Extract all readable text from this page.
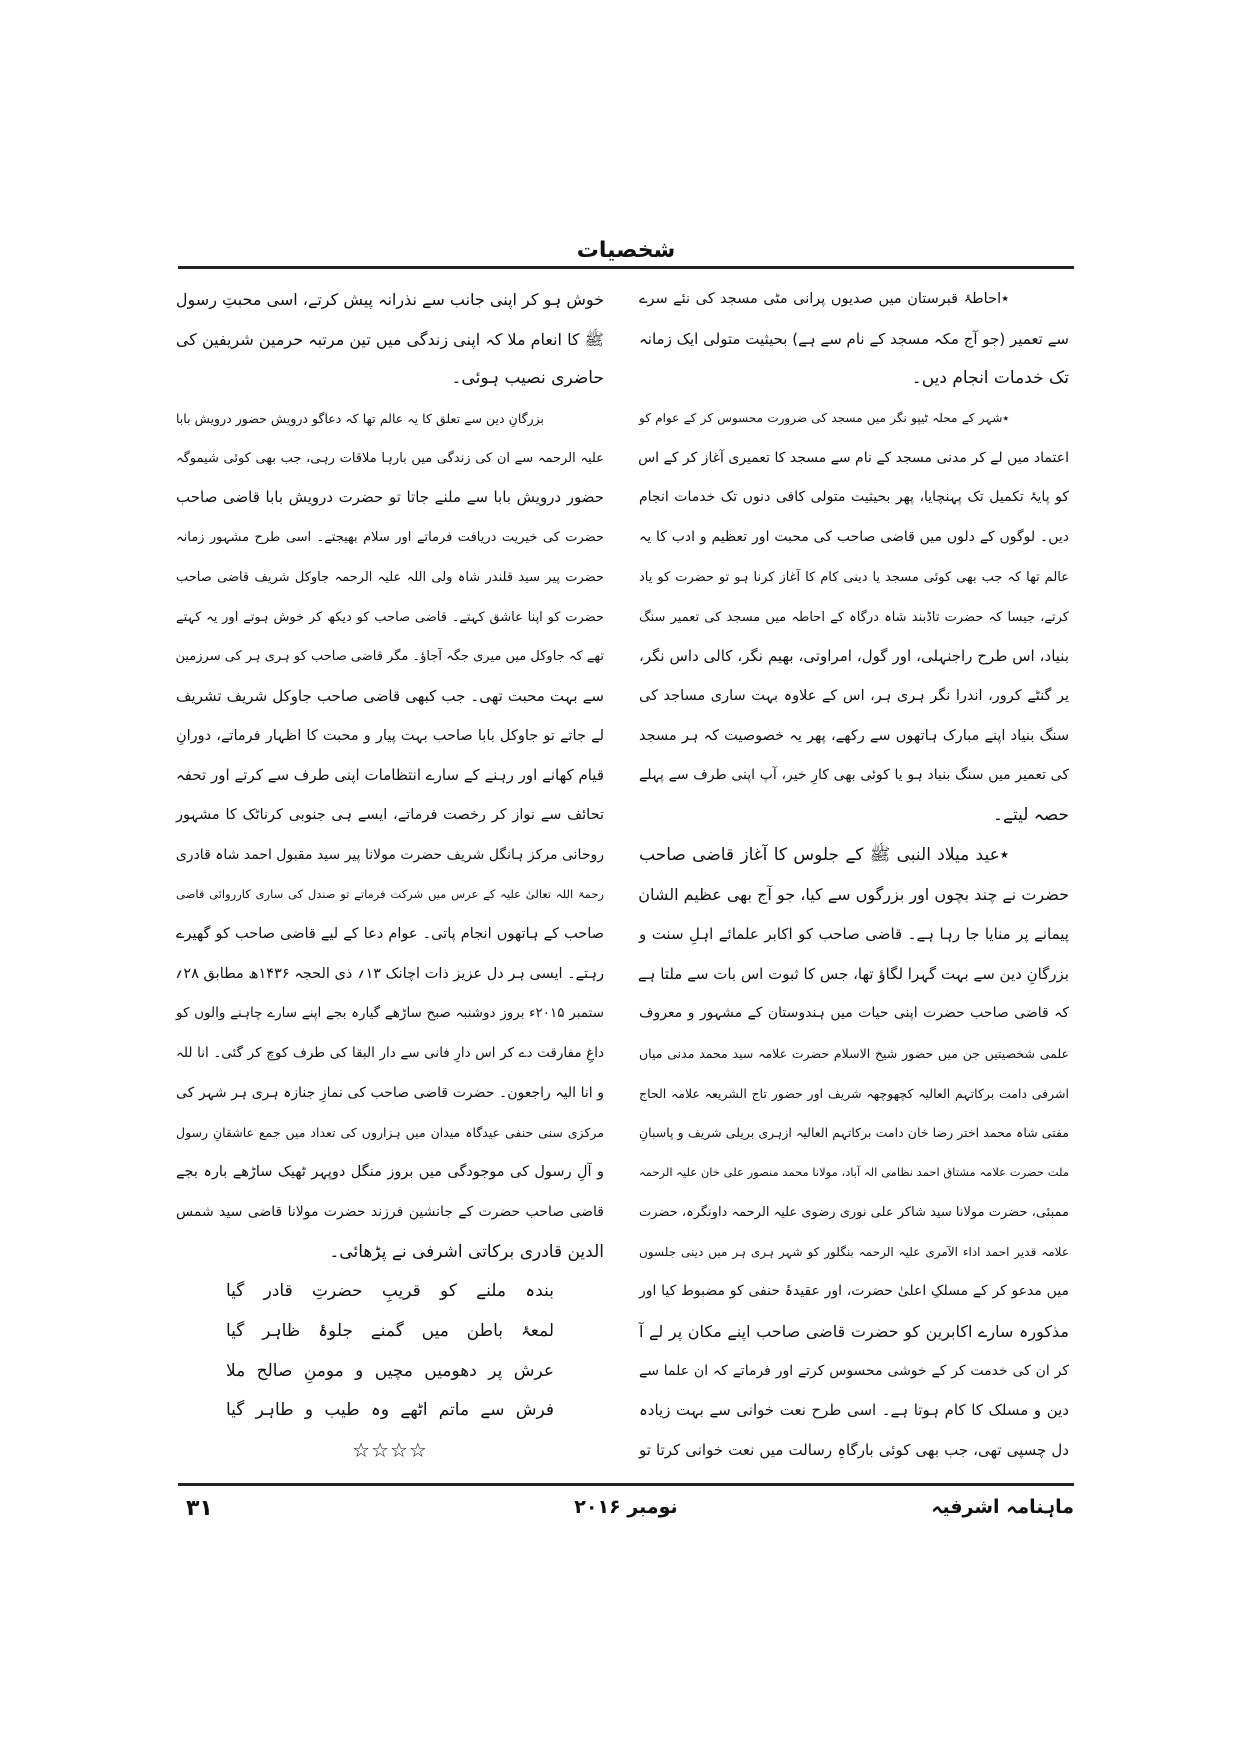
شخصیات
٭احاطۂ قبرستان میں صدیوں پرانی مٹی مسجد کی نئے سرے
سے تعمیر (جو آج مکہ مسجد کے نام سے ہے) بحیثیت متولی ایک زمانہ
تک خدمات انجام دیں۔
٭شہر کے محلہ ٹیپو نگر میں مسجد کی ضرورت محسوس کر کے عوام کو
اعتماد میں لے کر مدنی مسجد کے نام سے مسجد کا تعمیری آغاز کر کے اس
کو پایۂ تکمیل تک پہنچایا، پھر بحیثیت متولی کافی دنوں تک خدمات انجام
دیں۔ لوگوں کے دلوں میں قاضی صاحب کی محبت اور تعظیم و ادب کا یہ
عالم تھا کہ جب بھی کوئی مسجد یا دینی کام کا آغاز کرنا ہو تو حضرت کو یاد
کرتے، جیسا کہ حضرت تاڈبند شاہ درگاہ کے احاطہ میں مسجد کی تعمیر سنگ
بنیاد، اس طرح راجنہلی، اور گول، امراوتی، بھیم نگر، کالی داس نگر،
یر گنٹے کرور، اندرا نگر ہری ہر، اس کے علاوہ بہت ساری مساجد کی
سنگ بنیاد اپنے مبارک ہاتھوں سے رکھے، پھر یہ خصوصیت کہ ہر مسجد
کی تعمیر میں سنگ بنیاد ہو یا کوئی بھی کارِ خیر، آپ اپنی طرف سے پہلے
حصہ لیتے۔
٭عید میلاد النبی ﷺ کے جلوس کا آغاز قاضی صاحب
حضرت نے چند بچوں اور بزرگوں سے کیا، جو آج بھی عظیم الشان
پیمانے پر منایا جا رہا ہے۔ قاضی صاحب کو اکابر علمائے اہلِ سنت و
بزرگانِ دین سے بہت گہرا لگاؤ تھا، جس کا ثبوت اس بات سے ملتا ہے
کہ قاضی صاحب حضرت اپنی حیات میں ہندوستان کے مشہور و معروف
علمی شخصیتیں جن میں حضور شیخ الاسلام حضرت علامہ سید محمد مدنی میاں
اشرفی دامت برکاتہم العالیہ کچھوچھہ شریف اور حضور تاج الشریعہ علامہ الحاج
مفتی شاہ محمد اختر رضا خان دامت برکاتہم العالیہ ازہری بریلی شریف و پاسبانِ
ملت حضرت علامہ مشتاق احمد نظامی الہ آباد، مولانا محمد منصور علی خان علیہ الرحمہ
ممبئی، حضرت مولانا سید شاکر علی نوری رضوی علیہ الرحمہ داونگرہ، حضرت
علامہ قدیر احمد اداء الآمری علیہ الرحمہ بنگلور کو شہر ہری ہر میں دینی جلسوں
میں مدعو کر کے مسلکِ اعلیٰ حضرت، اور عقیدۂ حنفی کو مضبوط کیا اور
مذکورہ سارے اکابرین کو حضرت قاضی صاحب اپنے مکان پر لے آ
کر ان کی خدمت کر کے خوشی محسوس کرتے اور فرماتے کہ ان علما سے
دین و مسلک کا کام ہوتا ہے۔ اسی طرح نعت خوانی سے بہت زیادہ
دل چسپی تھی، جب بھی کوئی بارگاہِ رسالت میں نعت خوانی کرتا تو
خوش ہو کر اپنی جانب سے نذرانہ پیش کرتے، اسی محبتِ رسول
ﷺ کا انعام ملا کہ اپنی زندگی میں تین مرتبہ حرمین شریفین کی
حاضری نصیب ہوئی۔
بزرگانِ دین سے تعلق کا یہ عالم تھا کہ دعاگو درویش حضور درویش بابا
علیہ الرحمہ سے ان کی زندگی میں بارہا ملاقات رہی، جب بھی کوئی شیموگہ
حضور درویش بابا سے ملنے جاتا تو حضرت درویش بابا قاضی صاحب
حضرت کی خیریت دریافت فرماتے اور سلام بھیجتے۔ اسی طرح مشہور زمانہ
حضرت پیر سید قلندر شاہ ولی اللہ علیہ الرحمہ جاوکل شریف قاضی صاحب
حضرت کو اپنا عاشق کہتے۔ قاضی صاحب کو دیکھ کر خوش ہوتے اور یہ کہتے
تھے کہ جاوکل میں میری جگہ آجاؤ۔ مگر قاضی صاحب کو ہری ہر کی سرزمین
سے بہت محبت تھی۔ جب کبھی قاضی صاحب جاوکل شریف تشریف
لے جاتے تو جاوکل بابا صاحب بہت پیار و محبت کا اظہار فرماتے، دورانِ
قیام کھانے اور رہنے کے سارے انتظامات اپنی طرف سے کرتے اور تحفہ
تحائف سے نواز کر رخصت فرماتے، ایسے ہی جنوبی کرناٹک کا مشہور
روحانی مرکز ہانگل شریف حضرت مولانا پیر سید مقبول احمد شاہ قادری
رحمۃ اللہ تعالیٰ علیہ کے عرس میں شرکت فرماتے تو صندل کی ساری کارروائی قاضی
صاحب کے ہاتھوں انجام پاتی۔ عوام دعا کے لیے قاضی صاحب کو گھیرے
رہتے۔ ایسی ہر دل عزیز ذات اچانک ۱۳؍ ذی الحجہ ۱۴۳۶ھ مطابق ۲۸؍
ستمبر ۲۰۱۵ء بروز دوشنبہ صبح ساڑھے گیارہ بجے اپنے سارے چاہنے والوں کو
داغِ مفارقت دے کر اس دارِ فانی سے دار البقا کی طرف کوچ کر گئی۔ انا للہ
و انا الیہ راجعون۔ حضرت قاضی صاحب کی نمازِ جنازہ ہری ہر شہر کی
مرکزی سنی حنفی عیدگاہ میدان میں ہزاروں کی تعداد میں جمع عاشقانِ رسول
و آلِ رسول کی موجودگی میں بروز منگل دوپہر ٹھیک ساڑھے بارہ بجے
قاضی صاحب حضرت کے جانشین فرزند حضرت مولانا قاضی سید شمس
الدین قادری برکاتی اشرفی نے پڑھائی۔
بندہ ملنے کو قریبِ حضرتِ قادر گیا
لمعۂ باطن میں گمنے جلوۂ ظاہر گیا
عرش پر دھومیں مچیں و مومنِ صالح ملا
فرش سے ماتم اٹھے وہ طیب و طاہر گیا
☆☆☆☆
ماہنامہ اشرفیہ
نومبر ۲۰۱۶
۳۱
